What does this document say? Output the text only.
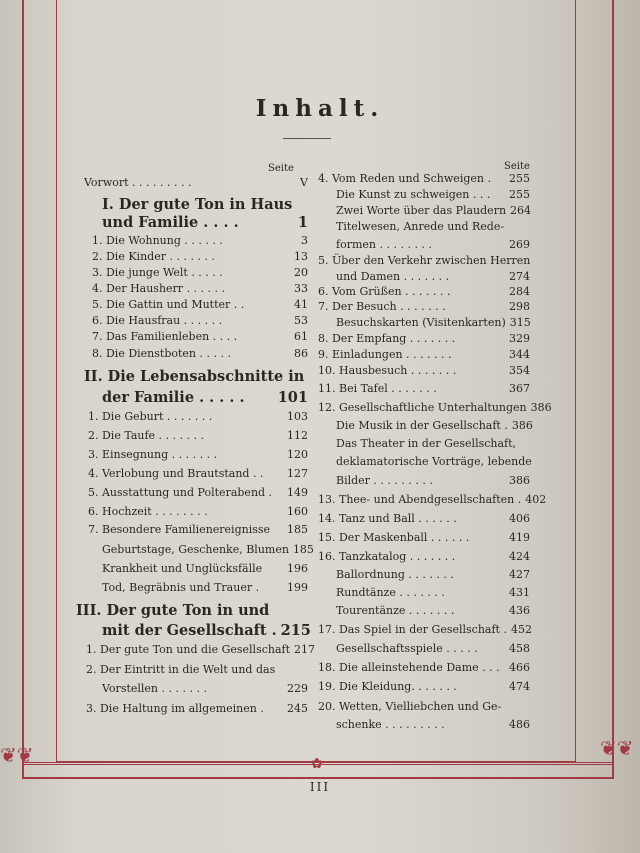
❦❦	❦❦
✿
Inhalt.
Seite	Seite
Vorwort . . . . . . . . .	V
I. Der gute Ton in Haus
und Familie . . . .	1
1. Die Wohnung . . . . . .	3
2. Die Kinder . . . . . . .	13
3. Die junge Welt . . . . .	20
4. Der Hausherr . . . . . .	33
5. Die Gattin und Mutter . .	41
6. Die Hausfrau . . . . . .	53
7. Das Familienleben . . . .	61
8. Die Dienstboten . . . . .	86
II. Die Lebensabschnitte in
der Familie . . . . . 101
1. Die Geburt . . . . . . .	103
2. Die Taufe . . . . . . .	112
3. Einsegnung . . . . . . .	120
4. Verlobung und Brautstand . .	127
5. Ausstattung und Polterabend .	149
6. Hochzeit . . . . . . . .	160
7. Besondere Familienereignisse	185
Geburtstage, Geschenke, Blumen 185
Krankheit und Unglücksfälle	196
Tod, Begräbnis und Trauer .	199
III. Der gute Ton in und
mit der Gesellschaft . 215
1. Der gute Ton und die Gesellschaft 217
2. Der Eintritt in die Welt und das
Vorstellen . . . . . . .	229
3. Die Haltung im allgemeinen .	245
4. Vom Reden und Schweigen .	255
Die Kunst zu schweigen . . .	255
Zwei Worte über das Plaudern 264
Titelwesen, Anrede und Rede-
formen . . . . . . . .	269
5. Über den Verkehr zwischen Herren
und Damen . . . . . . .	274
6. Vom Grüßen . . . . . . .	284
7. Der Besuch . . . . . . .	298
Besuchskarten (Visitenkarten) 315
8. Der Empfang . . . . . . .	329
9. Einladungen . . . . . . .	344
10. Hausbesuch . . . . . . .	354
11. Bei Tafel . . . . . . .	367
12. Gesellschaftliche Unterhaltungen 386
Die Musik in der Gesellschaft . 386
Das Theater in der Gesellschaft,
deklamatorische Vorträge, lebende
Bilder . . . . . . . . .	386
13. Thee- und Abendgesellschaften . 402
14. Tanz und Ball . . . . . .	406
15. Der Maskenball . . . . . .	419
16. Tanzkatalog . . . . . . .	424
Ballordnung . . . . . . .	427
Rundtänze . . . . . . .	431
Tourentänze . . . . . . .	436
17. Das Spiel in der Gesellschaft . 452
Gesellschaftsspiele . . . . .	458
18. Die alleinstehende Dame . . . 466
19. Die Kleidung. . . . . . .	474
20. Wetten, Vielliebchen und Ge-
schenke . . . . . . . . .	486
III
